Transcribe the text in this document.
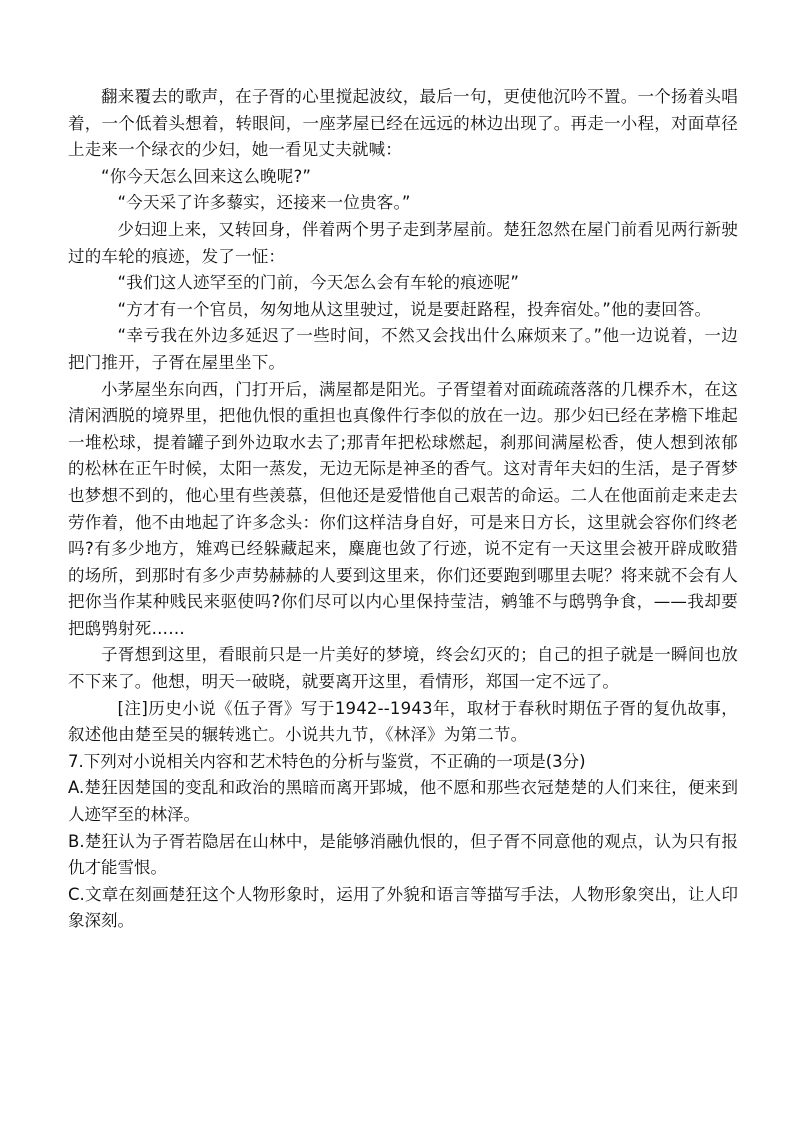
翻来覆去的歌声，在子胥的心里搅起波纹，最后一句，更使他沉吟不置。一个扬着头唱着，一个低着头想着，转眼间，一座茅屋已经在远远的林边出现了。再走一小程，对面草径上走来一个绿衣的少妇，她一看见丈夫就喊：

“你今天怎么回来这么晚呢?”

“今天采了许多藜实，还接来一位贵客。”

少妇迎上来，又转回身，伴着两个男子走到茅屋前。楚狂忽然在屋门前看见两行新驶过的车轮的痕迹，发了一怔：

“我们这人迹罕至的门前，今天怎么会有车轮的痕迹呢”

“方才有一个官员，匆匆地从这里驶过，说是要赶路程，投奔宿处。”他的妻回答。

“幸亏我在外边多延迟了一些时间，不然又会找出什么麻烦来了。”他一边说着，一边把门推开，子胥在屋里坐下。

小茅屋坐东向西，门打开后，满屋都是阳光。子胥望着对面疏疏落落的几棵乔木，在这清闲洒脱的境界里，把他仇恨的重担也真像件行李似的放在一边。那少妇已经在茅檐下堆起一堆松球，提着罐子到外边取水去了;那青年把松球燃起，刹那间满屋松香，使人想到浓郁的松林在正午时候，太阳一蒸发，无边无际是神圣的香气。这对青年夫妇的生活，是子胥梦也梦想不到的，他心里有些羡慕，但他还是爱惜他自己艰苦的命运。二人在他面前走来走去劳作着，他不由地起了许多念头：你们这样洁身自好，可是来日方长，这里就会容你们终老吗?有多少地方，雉鸡已经躲藏起来，麋鹿也敛了行迹，说不定有一天这里会被开辟成畋猎的场所，到那时有多少声势赫赫的人要到这里来，你们还要跑到哪里去呢？将来就不会有人把你当作某种贱民来驱使吗?你们尽可以内心里保持莹洁，鹓雏不与鸱鸮争食，——我却要把鸱鸮射死……

子胥想到这里，看眼前只是一片美好的梦境，终会幻灭的；自己的担子就是一瞬间也放不下来了。他想，明天一破晓，就要离开这里，看情形，郑国一定不远了。

[注]历史小说《伍子胥》写于1942--1943年，取材于春秋时期伍子胥的复仇故事，叙述他由楚至吴的辗转逃亡。小说共九节，《林泽》为第二节。

7.下列对小说相关内容和艺术特色的分析与鉴赏，不正确的一项是(3分)

A.楚狂因楚国的变乱和政治的黑暗而离开郢城，他不愿和那些衣冠楚楚的人们来往，便来到人迹罕至的林泽。

B.楚狂认为子胥若隐居在山林中，是能够消融仇恨的，但子胥不同意他的观点，认为只有报仇才能雪恨。

C.文章在刻画楚狂这个人物形象时，运用了外貌和语言等描写手法，人物形象突出，让人印象深刻。
